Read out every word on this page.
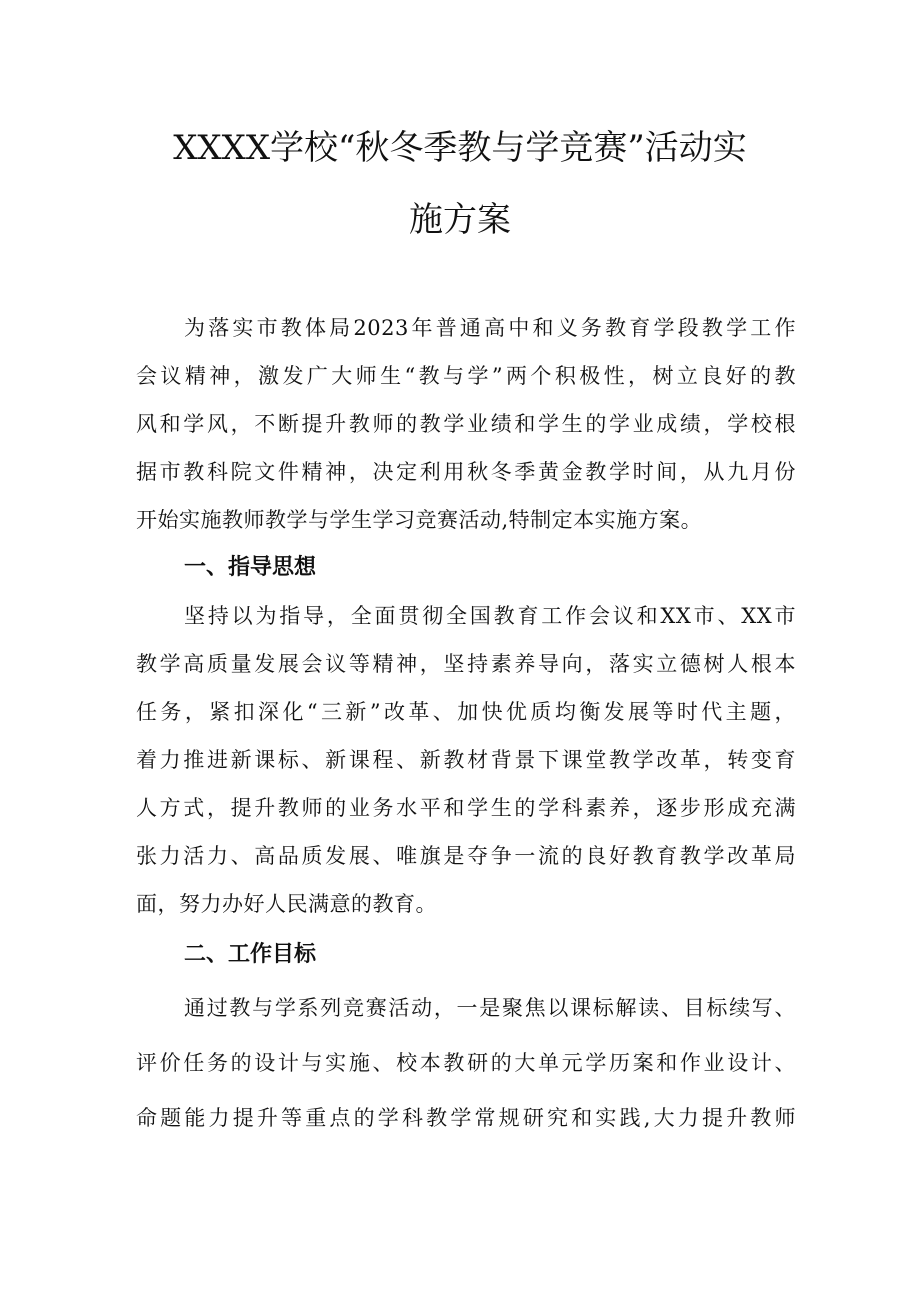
XXXX学校“秋冬季教与学竞赛”活动实
施方案
为落实市教体局2023年普通高中和义务教育学段教学工作
会议精神，激发广大师生“教与学”两个积极性，树立良好的教
风和学风，不断提升教师的教学业绩和学生的学业成绩，学校根
据市教科院文件精神，决定利用秋冬季黄金教学时间，从九月份
开始实施教师教学与学生学习竞赛活动,特制定本实施方案。
一、指导思想
坚持以为指导，全面贯彻全国教育工作会议和XX市、XX市
教学高质量发展会议等精神，坚持素养导向，落实立德树人根本
任务，紧扣深化“三新”改革、加快优质均衡发展等时代主题，
着力推进新课标、新课程、新教材背景下课堂教学改革，转变育
人方式，提升教师的业务水平和学生的学科素养，逐步形成充满
张力活力、高品质发展、唯旗是夺争一流的良好教育教学改革局
面，努力办好人民满意的教育。
二、工作目标
通过教与学系列竞赛活动，一是聚焦以课标解读、目标续写、
评价任务的设计与实施、校本教研的大单元学历案和作业设计、
命题能力提升等重点的学科教学常规研究和实践,大力提升教师
